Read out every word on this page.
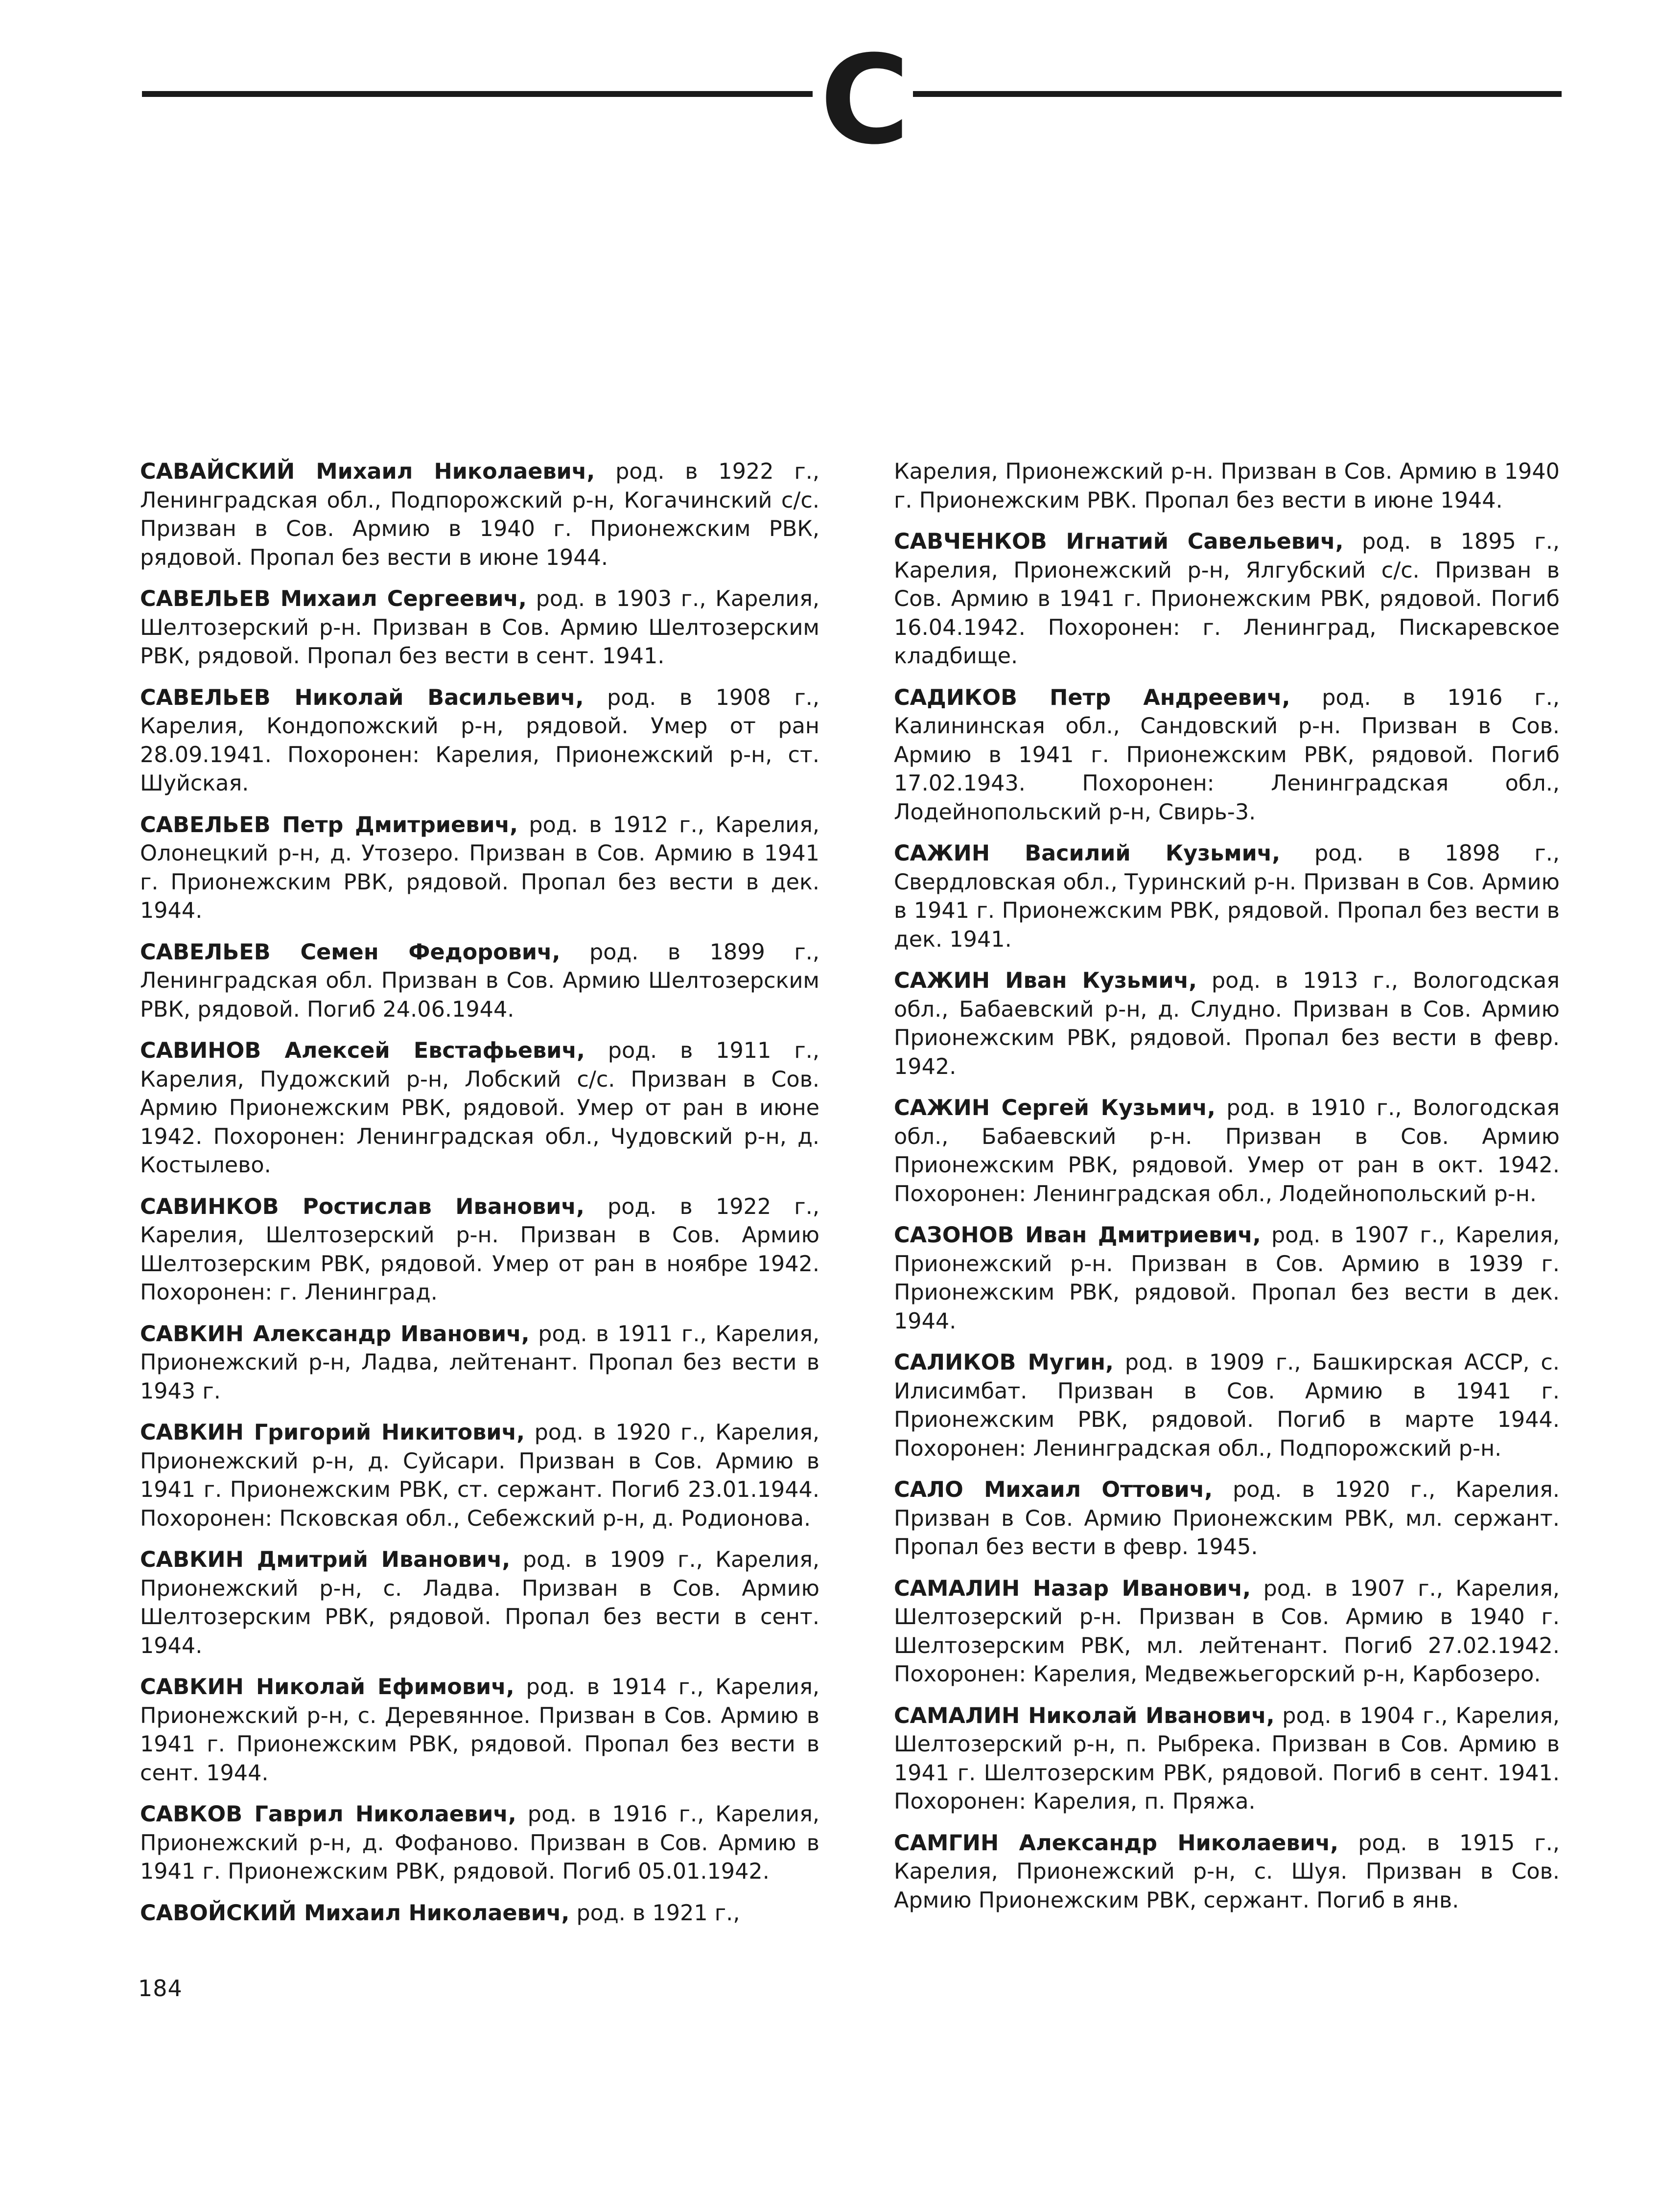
С

САВАЙСКИЙ Михаил Николаевич, род. в 1922 г., Ленинградская обл., Подпорожский р-н, Когачинский с/с. Призван в Сов. Армию в 1940 г. Прионежским РВК, рядовой. Пропал без вести в июне 1944.

САВЕЛЬЕВ Михаил Сергеевич, род. в 1903 г., Карелия, Шелтозерский р-н. Призван в Сов. Армию Шелтозерским РВК, рядовой. Пропал без вести в сент. 1941.

САВЕЛЬЕВ Николай Васильевич, род. в 1908 г., Карелия, Кондопожский р-н, рядовой. Умер от ран 28.09.1941. Похоронен: Карелия, Прионежский р-н, ст. Шуйская.

САВЕЛЬЕВ Петр Дмитриевич, род. в 1912 г., Карелия, Олонецкий р-н, д. Утозеро. Призван в Сов. Армию в 1941 г. Прионежским РВК, рядовой. Пропал без вести в дек. 1944.

САВЕЛЬЕВ Семен Федорович, род. в 1899 г., Ленинградская обл. Призван в Сов. Армию Шелтозерским РВК, рядовой. Погиб 24.06.1944.

САВИНОВ Алексей Евстафьевич, род. в 1911 г., Карелия, Пудожский р-н, Лобский с/с. Призван в Сов. Армию Прионежским РВК, рядовой. Умер от ран в июне 1942. Похоронен: Ленинградская обл., Чудовский р-н, д. Костылево.

САВИНКОВ Ростислав Иванович, род. в 1922 г., Карелия, Шелтозерский р-н. Призван в Сов. Армию Шелтозерским РВК, рядовой. Умер от ран в ноябре 1942. Похоронен: г. Ленинград.

САВКИН Александр Иванович, род. в 1911 г., Карелия, Прионежский р-н, Ладва, лейтенант. Пропал без вести в 1943 г.

САВКИН Григорий Никитович, род. в 1920 г., Карелия, Прионежский р-н, д. Суйсари. Призван в Сов. Армию в 1941 г. Прионежским РВК, ст. сержант. Погиб 23.01.1944. Похоронен: Псковская обл., Себежский р-н, д. Родионова.

САВКИН Дмитрий Иванович, род. в 1909 г., Карелия, Прионежский р-н, с. Ладва. Призван в Сов. Армию Шелтозерским РВК, рядовой. Пропал без вести в сент. 1944.

САВКИН Николай Ефимович, род. в 1914 г., Карелия, Прионежский р-н, с. Деревянное. Призван в Сов. Армию в 1941 г. Прионежским РВК, рядовой. Пропал без вести в сент. 1944.

САВКОВ Гаврил Николаевич, род. в 1916 г., Карелия, Прионежский р-н, д. Фофаново. Призван в Сов. Армию в 1941 г. Прионежским РВК, рядовой. Погиб 05.01.1942.

САВОЙСКИЙ Михаил Николаевич, род. в 1921 г.,

Карелия, Прионежский р-н. Призван в Сов. Армию в 1940 г. Прионежским РВК. Пропал без вести в июне 1944.

САВЧЕНКОВ Игнатий Савельевич, род. в 1895 г., Карелия, Прионежский р-н, Ялгубский с/с. Призван в Сов. Армию в 1941 г. Прионежским РВК, рядовой. Погиб 16.04.1942. Похоронен: г. Ленинград, Пискаревское кладбище.

САДИКОВ Петр Андреевич, род. в 1916 г., Калининская обл., Сандовский р-н. Призван в Сов. Армию в 1941 г. Прионежским РВК, рядовой. Погиб 17.02.1943. Похоронен: Ленинградская обл., Лодейнопольский р-н, Свирь-3.

САЖИН Василий Кузьмич, род. в 1898 г., Свердловская обл., Туринский р-н. Призван в Сов. Армию в 1941 г. Прионежским РВК, рядовой. Пропал без вести в дек. 1941.

САЖИН Иван Кузьмич, род. в 1913 г., Вологодская обл., Бабаевский р-н, д. Слудно. Призван в Сов. Армию Прионежским РВК, рядовой. Пропал без вести в февр. 1942.

САЖИН Сергей Кузьмич, род. в 1910 г., Вологодская обл., Бабаевский р-н. Призван в Сов. Армию Прионежским РВК, рядовой. Умер от ран в окт. 1942. Похоронен: Ленинградская обл., Лодейнопольский р-н.

САЗОНОВ Иван Дмитриевич, род. в 1907 г., Карелия, Прионежский р-н. Призван в Сов. Армию в 1939 г. Прионежским РВК, рядовой. Пропал без вести в дек. 1944.

САЛИКОВ Мугин, род. в 1909 г., Башкирская АССР, с. Илисимбат. Призван в Сов. Армию в 1941 г. Прионежским РВК, рядовой. Погиб в марте 1944. Похоронен: Ленинградская обл., Подпорожский р-н.

САЛО Михаил Оттович, род. в 1920 г., Карелия. Призван в Сов. Армию Прионежским РВК, мл. сержант. Пропал без вести в февр. 1945.

САМАЛИН Назар Иванович, род. в 1907 г., Карелия, Шелтозерский р-н. Призван в Сов. Армию в 1940 г. Шелтозерским РВК, мл. лейтенант. Погиб 27.02.1942. Похоронен: Карелия, Медвежьегорский р-н, Карбозеро.

САМАЛИН Николай Иванович, род. в 1904 г., Карелия, Шелтозерский р-н, п. Рыбрека. Призван в Сов. Армию в 1941 г. Шелтозерским РВК, рядовой. Погиб в сент. 1941. Похоронен: Карелия, п. Пряжа.

САМГИН Александр Николаевич, род. в 1915 г., Карелия, Прионежский р-н, с. Шуя. Призван в Сов. Армию Прионежским РВК, сержант. Погиб в янв.

184
